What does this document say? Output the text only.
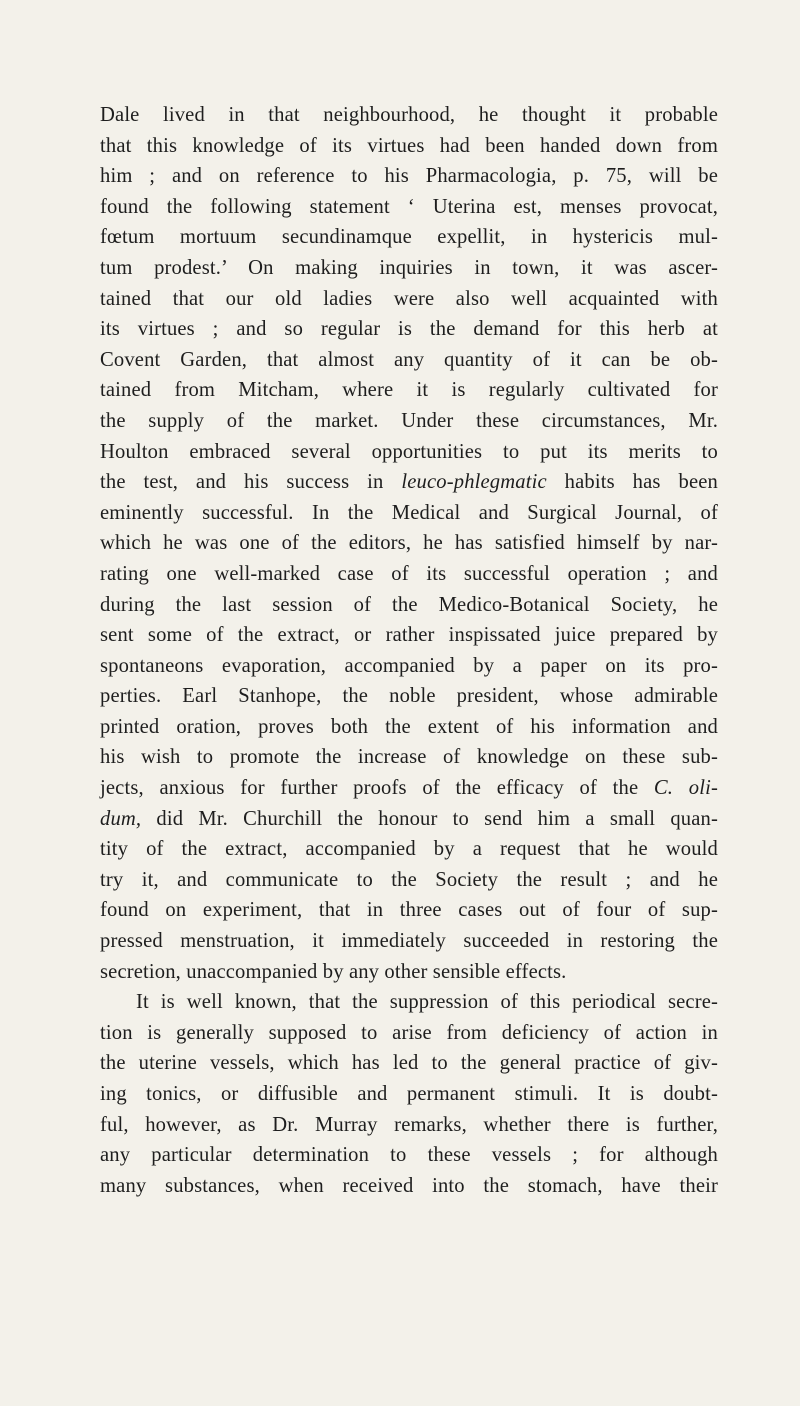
Dale lived in that neighbourhood, he thought it probable
that this knowledge of its virtues had been handed down from
him ; and on reference to his Pharmacologia, p. 75, will be
found the following statement ‘ Uterina est, menses provocat,
fœtum mortuum secundinamque expellit, in hystericis mul-
tum prodest.’ On making inquiries in town, it was ascer-
tained that our old ladies were also well acquainted with
its virtues ; and so regular is the demand for this herb at
Covent Garden, that almost any quantity of it can be ob-
tained from Mitcham, where it is regularly cultivated for
the supply of the market. Under these circumstances, Mr.
Houlton embraced several opportunities to put its merits to
the test, and his success in leuco-phlegmatic habits has been
eminently successful. In the Medical and Surgical Journal, of
which he was one of the editors, he has satisfied himself by nar-
rating one well-marked case of its successful operation ; and
during the last session of the Medico-Botanical Society, he
sent some of the extract, or rather inspissated juice prepared by
spontaneons evaporation, accompanied by a paper on its pro-
perties. Earl Stanhope, the noble president, whose admirable
printed oration, proves both the extent of his information and
his wish to promote the increase of knowledge on these sub-
jects, anxious for further proofs of the efficacy of the C. oli-
dum, did Mr. Churchill the honour to send him a small quan-
tity of the extract, accompanied by a request that he would
try it, and communicate to the Society the result ; and he
found on experiment, that in three cases out of four of sup-
pressed menstruation, it immediately succeeded in restoring the
secretion, unaccompanied by any other sensible effects.
It is well known, that the suppression of this periodical secre-
tion is generally supposed to arise from deficiency of action in
the uterine vessels, which has led to the general practice of giv-
ing tonics, or diffusible and permanent stimuli. It is doubt-
ful, however, as Dr. Murray remarks, whether there is further,
any particular determination to these vessels ; for although
many substances, when received into the stomach, have their
